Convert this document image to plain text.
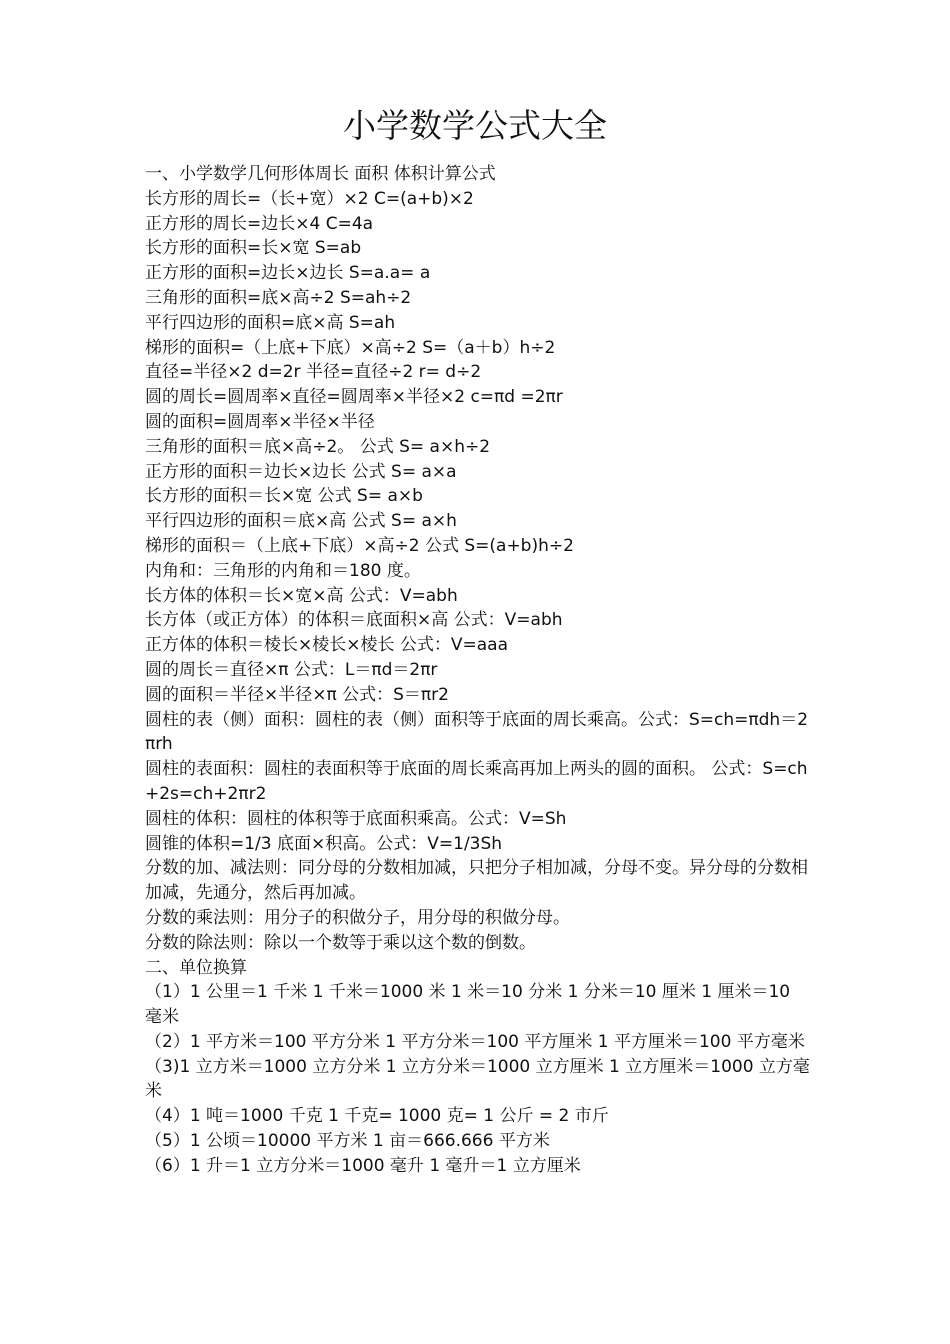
小学数学公式大全

一、小学数学几何形体周长 面积 体积计算公式

长方形的周长=（长+宽）×2 C=(a+b)×2

正方形的周长=边长×4 C=4a

长方形的面积=长×宽 S=ab

正方形的面积=边长×边长 S=a.a= a

三角形的面积=底×高÷2 S=ah÷2

平行四边形的面积=底×高 S=ah

梯形的面积=（上底+下底）×高÷2 S=（a＋b）h÷2

直径=半径×2 d=2r 半径=直径÷2 r= d÷2

圆的周长=圆周率×直径=圆周率×半径×2 c=πd =2πr

圆的面积=圆周率×半径×半径

三角形的面积＝底×高÷2。 公式 S= a×h÷2

正方形的面积＝边长×边长 公式 S= a×a

长方形的面积＝长×宽 公式 S= a×b

平行四边形的面积＝底×高 公式 S= a×h

梯形的面积＝（上底+下底）×高÷2 公式 S=(a+b)h÷2

内角和：三角形的内角和＝180 度。

长方体的体积＝长×宽×高 公式：V=abh

长方体（或正方体）的体积＝底面积×高 公式：V=abh

正方体的体积＝棱长×棱长×棱长 公式：V=aaa

圆的周长＝直径×π 公式：L＝πd＝2πr

圆的面积＝半径×半径×π 公式：S＝πr2

圆柱的表（侧）面积：圆柱的表（侧）面积等于底面的周长乘高。公式：S=ch=πdh＝2πrh

圆柱的表面积：圆柱的表面积等于底面的周长乘高再加上两头的圆的面积。 公式：S=ch+2s=ch+2πr2

圆柱的体积：圆柱的体积等于底面积乘高。公式：V=Sh

圆锥的体积=1/3 底面×积高。公式：V=1/3Sh

分数的加、减法则：同分母的分数相加减，只把分子相加减，分母不变。异分母的分数相加减，先通分，然后再加减。

分数的乘法则：用分子的积做分子，用分母的积做分母。

分数的除法则：除以一个数等于乘以这个数的倒数。

二、单位换算

（1）1 公里＝1 千米 1 千米＝1000 米 1 米＝10 分米 1 分米＝10 厘米 1 厘米＝10 毫米

（2）1 平方米＝100 平方分米 1 平方分米＝100 平方厘米 1 平方厘米＝100 平方毫米

（3)1 立方米＝1000 立方分米 1 立方分米＝1000 立方厘米 1 立方厘米＝1000 立方毫米

（4）1 吨＝1000 千克 1 千克= 1000 克= 1 公斤 = 2 市斤

（5）1 公顷＝10000 平方米 1 亩＝666.666 平方米

（6）1 升＝1 立方分米＝1000 毫升 1 毫升＝1 立方厘米
